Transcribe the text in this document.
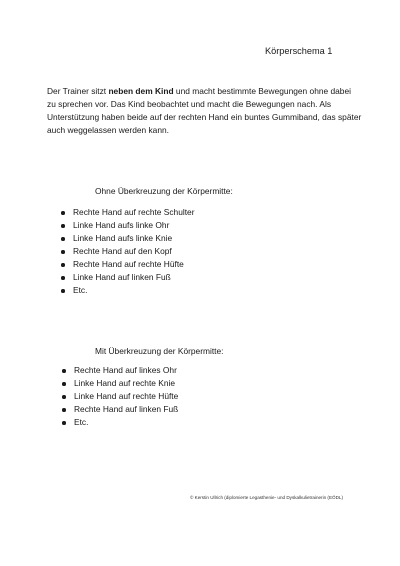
Körperschema 1
Der Trainer sitzt neben dem Kind und macht bestimmte Bewegungen ohne dabei zu sprechen vor. Das Kind beobachtet und macht die Bewegungen nach. Als Unterstützung haben beide auf der rechten Hand ein buntes Gummiband, das später auch weggelassen werden kann.
Ohne Überkreuzung der Körpermitte:
Rechte Hand auf rechte Schulter
Linke Hand aufs linke Ohr
Linke Hand aufs linke Knie
Rechte Hand auf den Kopf
Rechte Hand auf rechte Hüfte
Linke Hand auf linken Fuß
Etc.
Mit Überkreuzung der Körpermitte:
Rechte Hand auf linkes Ohr
Linke Hand auf rechte Knie
Linke Hand auf rechte Hüfte
Rechte Hand auf linken Fuß
Etc.
© Kerstin Ullrich (diplomierte Legasthenie- und Dyskalkulietrainerin (EÖDL)
